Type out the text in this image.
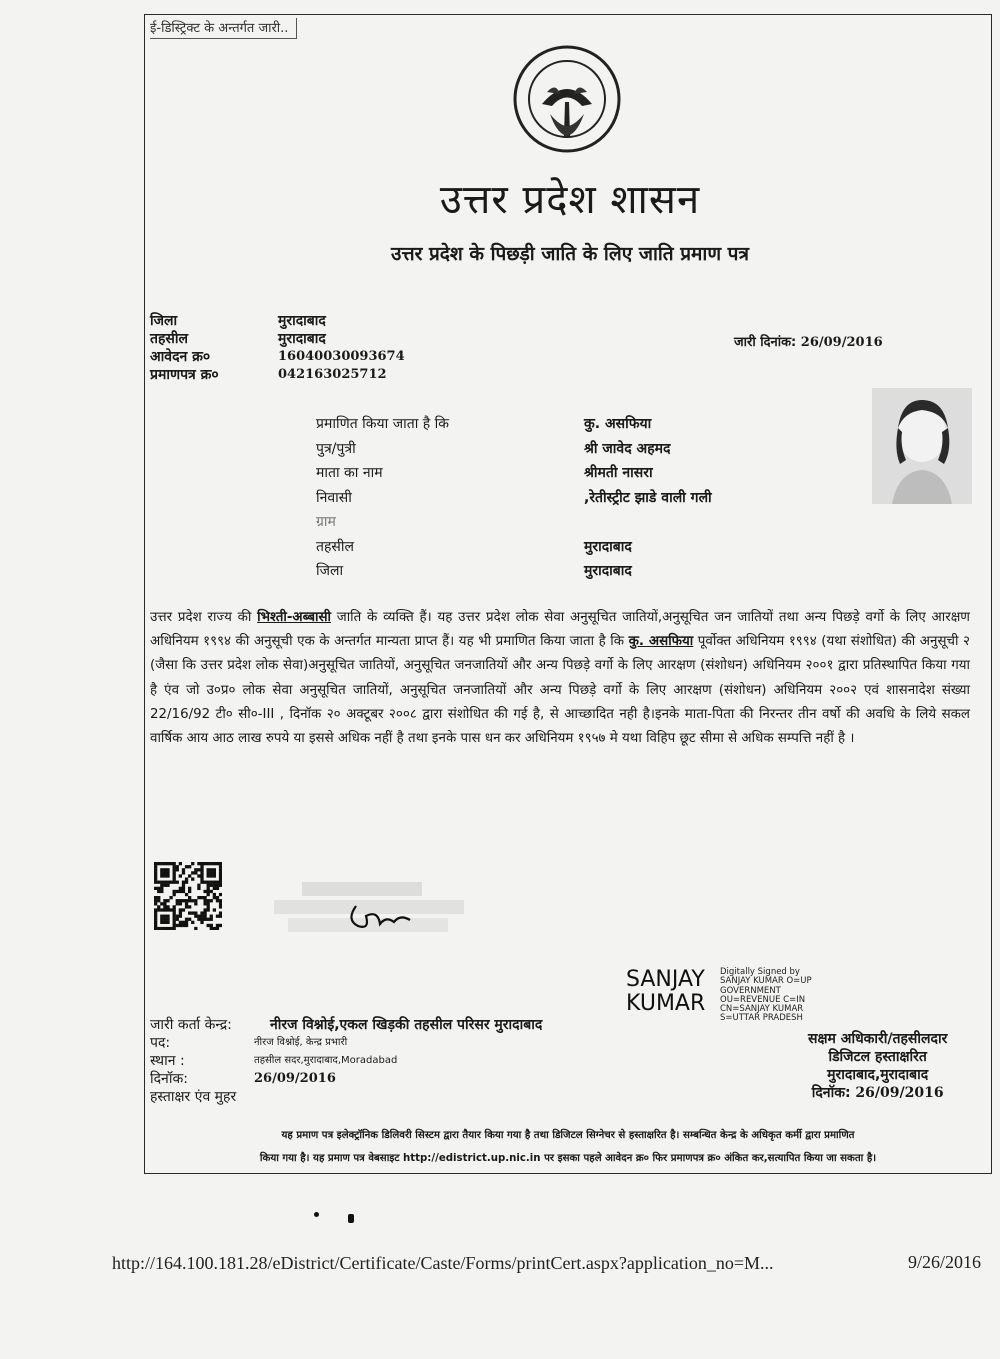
ई-डिस्ट्रिक्ट के अन्तर्गत जारी..
उत्तर प्रदेश शासन
उत्तर प्रदेश के पिछड़ी जाति के लिए जाति प्रमाण पत्र
जिला	मुरादाबाद
तहसील	मुरादाबाद
आवेदन क्र०	16040030093674
प्रमाणपत्र क्र०	042163025712
जारी दिनांक: 26/09/2016
प्रमाणित किया जाता है कि	कु. असफिया
पुत्र/पुत्री	श्री जावेद अहमद
माता का नाम	श्रीमती नासरा
निवासी	,रेतीस्ट्रीट झाडे वाली गली
ग्राम
तहसील	मुरादाबाद
जिला	मुरादाबाद
उत्तर प्रदेश राज्य की भिश्ती-अब्बासी जाति के व्यक्ति हैं। यह उत्तर प्रदेश लोक सेवा अनुसूचित जातियों,अनुसूचित जन जातियों तथा अन्य पिछड़े वर्गो के लिए आरक्षण अधिनियम १९९४ की अनुसूची एक के अन्तर्गत मान्यता प्राप्त हैं। यह भी प्रमाणित किया जाता है कि कु. असफिया पूर्वोक्त अधिनियम १९९४ (यथा संशोधित) की अनुसूची २ (जैसा कि उत्तर प्रदेश लोक सेवा)अनुसूचित जातियों, अनुसूचित जनजातियों और अन्य पिछड़े वर्गो के लिए आरक्षण (संशोधन) अधिनियम २००१ द्वारा प्रतिस्थापित किया गया है एंव जो उ०प्र० लोक सेवा अनुसूचित जातियों, अनुसूचित जनजातियों और अन्य पिछड़े वर्गो के लिए आरक्षण (संशोधन) अधिनियम २००२ एवं शासनादेश संख्या 22/16/92 टी० सी०-III , दिनॉक २० अक्टूबर २००८ द्वारा संशोधित की गई है, से आच्छादित नही है।इनके माता-पिता की निरन्तर तीन वर्षो की अवधि के लिये सकल वार्षिक आय आठ लाख रुपये या इससे अधिक नहीं है तथा इनके पास धन कर अधिनियम १९५७ मे यथा विहिप छूट सीमा से अधिक सम्पत्ति नहीं है ।
SANJAY
KUMAR
Digitally Signed by SANJAY KUMAR O=UP GOVERNMENT OU=REVENUE C=IN CN=SANJAY KUMAR S=UTTAR PRADESH
जारी कर्ता केन्द्र:	नीरज विश्नोई,एकल खिड़की तहसील परिसर मुरादाबाद
पद:	नीरज विश्नोई, केन्द्र प्रभारी
स्थान :	तहसील सदर,मुरादाबाद,Moradabad
दिनॉक:	26/09/2016
हस्ताक्षर एंव मुहर
सक्षम अधिकारी/तहसीलदार
डिजिटल हस्ताक्षरित
मुरादाबाद,मुरादाबाद
दिनॉक: 26/09/2016
यह प्रमाण पत्र इलेक्ट्रॉनिक डिलिवरी सिस्टम द्वारा तैयार किया गया है तथा डिजिटल सिग्नेचर से हस्ताक्षरित है। सम्बन्धित केन्द्र के अधिकृत कर्मी द्वारा प्रमाणित
किया गया है। यह प्रमाण पत्र वेबसाइट http://edistrict.up.nic.in पर इसका पहले आवेदन क्र० फिर प्रमाणपत्र क्र० अंकित कर,सत्यापित किया जा सकता है।
http://164.100.181.28/eDistrict/Certificate/Caste/Forms/printCert.aspx?application_no=M...	9/26/2016
